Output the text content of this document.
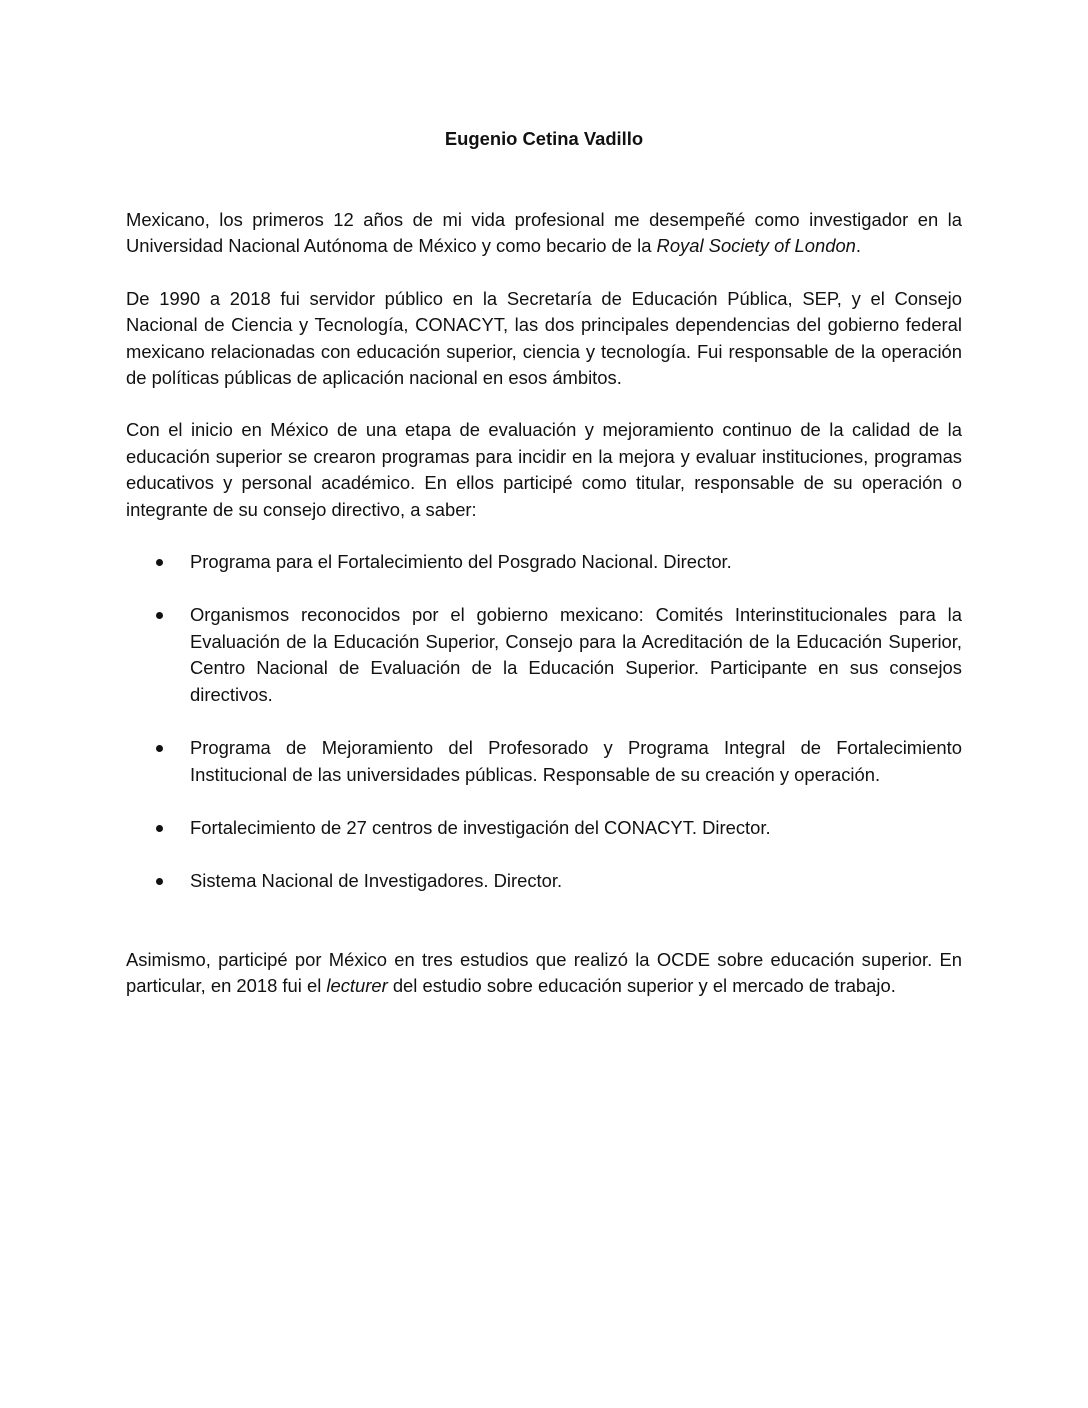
Eugenio Cetina Vadillo

Mexicano, los primeros 12 años de mi vida profesional me desempeñé como investigador en la Universidad Nacional Autónoma de México y como becario de la Royal Society of London.

De 1990 a 2018 fui servidor público en la Secretaría de Educación Pública, SEP, y el Consejo Nacional de Ciencia y Tecnología, CONACYT, las dos principales dependencias del gobierno federal mexicano relacionadas con educación superior, ciencia y tecnología. Fui responsable de la operación de políticas públicas de aplicación nacional en esos ámbitos.

Con el inicio en México de una etapa de evaluación y mejoramiento continuo de la calidad de la educación superior se crearon programas para incidir en la mejora y evaluar instituciones, programas educativos y personal académico. En ellos participé como titular, responsable de su operación o integrante de su consejo directivo, a saber:

Programa para el Fortalecimiento del Posgrado Nacional. Director.
Organismos reconocidos por el gobierno mexicano: Comités Interinstitucionales para la Evaluación de la Educación Superior, Consejo para la Acreditación de la Educación Superior, Centro Nacional de Evaluación de la Educación Superior. Participante en sus consejos directivos.
Programa de Mejoramiento del Profesorado y Programa Integral de Fortalecimiento Institucional de las universidades públicas. Responsable de su creación y operación.
Fortalecimiento de 27 centros de investigación del CONACYT. Director.
Sistema Nacional de Investigadores. Director.

Asimismo, participé por México en tres estudios que realizó la OCDE sobre educación superior. En particular, en 2018 fui el lecturer del estudio sobre educación superior y el mercado de trabajo.
